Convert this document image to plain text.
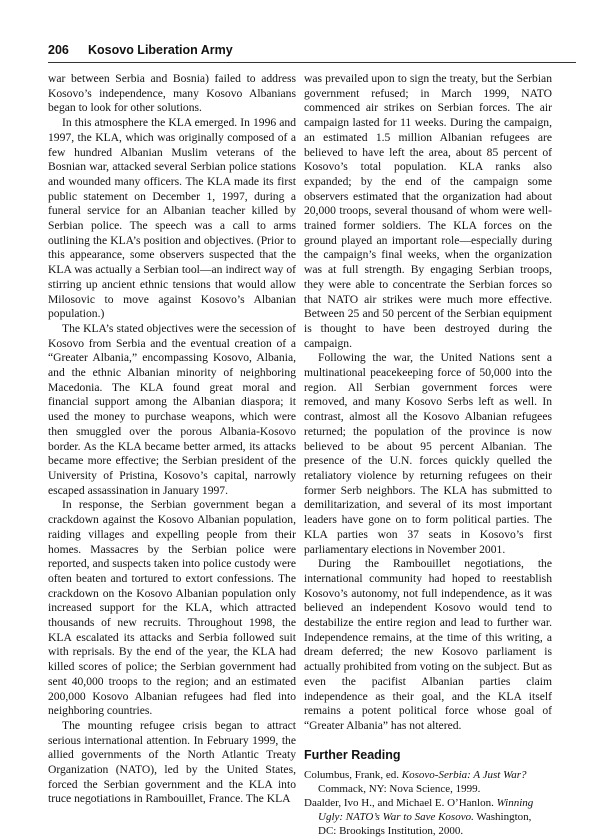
206 Kosovo Liberation Army

war between Serbia and Bosnia) failed to address Kosovo’s independence, many Kosovo Albanians began to look for other solutions.

In this atmosphere the KLA emerged. In 1996 and 1997, the KLA, which was originally composed of a few hundred Albanian Muslim veterans of the Bosnian war, attacked several Serbian police stations and wounded many officers. The KLA made its first public statement on December 1, 1997, during a funeral service for an Albanian teacher killed by Serbian police. The speech was a call to arms outlining the KLA’s position and objectives. (Prior to this appearance, some observers suspected that the KLA was actually a Serbian tool—an indirect way of stirring up ancient ethnic tensions that would allow Milosovic to move against Kosovo’s Albanian population.)

The KLA’s stated objectives were the secession of Kosovo from Serbia and the eventual creation of a “Greater Albania,” encompassing Kosovo, Albania, and the ethnic Albanian minority of neighboring Macedonia. The KLA found great moral and financial support among the Albanian diaspora; it used the money to purchase weapons, which were then smuggled over the porous Albania-Kosovo border. As the KLA became better armed, its attacks became more effective; the Serbian president of the University of Pristina, Kosovo’s capital, narrowly escaped assassination in January 1997.

In response, the Serbian government began a crackdown against the Kosovo Albanian population, raiding villages and expelling people from their homes. Massacres by the Serbian police were reported, and suspects taken into police custody were often beaten and tortured to extort confessions. The crackdown on the Kosovo Albanian population only increased support for the KLA, which attracted thousands of new recruits. Throughout 1998, the KLA escalated its attacks and Serbia followed suit with reprisals. By the end of the year, the KLA had killed scores of police; the Serbian government had sent 40,000 troops to the region; and an estimated 200,000 Kosovo Albanian refugees had fled into neighboring countries.

The mounting refugee crisis began to attract serious international attention. In February 1999, the allied governments of the North Atlantic Treaty Organization (NATO), led by the United States, forced the Serbian government and the KLA into truce negotiations in Rambouillet, France. The KLA

was prevailed upon to sign the treaty, but the Serbian government refused; in March 1999, NATO commenced air strikes on Serbian forces. The air campaign lasted for 11 weeks. During the campaign, an estimated 1.5 million Albanian refugees are believed to have left the area, about 85 percent of Kosovo’s total population. KLA ranks also expanded; by the end of the campaign some observers estimated that the organization had about 20,000 troops, several thousand of whom were well-trained former soldiers. The KLA forces on the ground played an important role—especially during the campaign’s final weeks, when the organization was at full strength. By engaging Serbian troops, they were able to concentrate the Serbian forces so that NATO air strikes were much more effective. Between 25 and 50 percent of the Serbian equipment is thought to have been destroyed during the campaign.

Following the war, the United Nations sent a multinational peacekeeping force of 50,000 into the region. All Serbian government forces were removed, and many Kosovo Serbs left as well. In contrast, almost all the Kosovo Albanian refugees returned; the population of the province is now believed to be about 95 percent Albanian. The presence of the U.N. forces quickly quelled the retaliatory violence by returning refugees on their former Serb neighbors. The KLA has submitted to demilitarization, and several of its most important leaders have gone on to form political parties. The KLA parties won 37 seats in Kosovo’s first parliamentary elections in November 2001.

During the Rambouillet negotiations, the international community had hoped to reestablish Kosovo’s autonomy, not full independence, as it was believed an independent Kosovo would tend to destabilize the entire region and lead to further war. Independence remains, at the time of this writing, a dream deferred; the new Kosovo parliament is actually prohibited from voting on the subject. But as even the pacifist Albanian parties claim independence as their goal, and the KLA itself remains a potent political force whose goal of “Greater Albania” has not altered.

Further Reading

Columbus, Frank, ed. Kosovo-Serbia: A Just War? Commack, NY: Nova Science, 1999.

Daalder, Ivo H., and Michael E. O’Hanlon. Winning Ugly: NATO’s War to Save Kosovo. Washington, DC: Brookings Institution, 2000.
